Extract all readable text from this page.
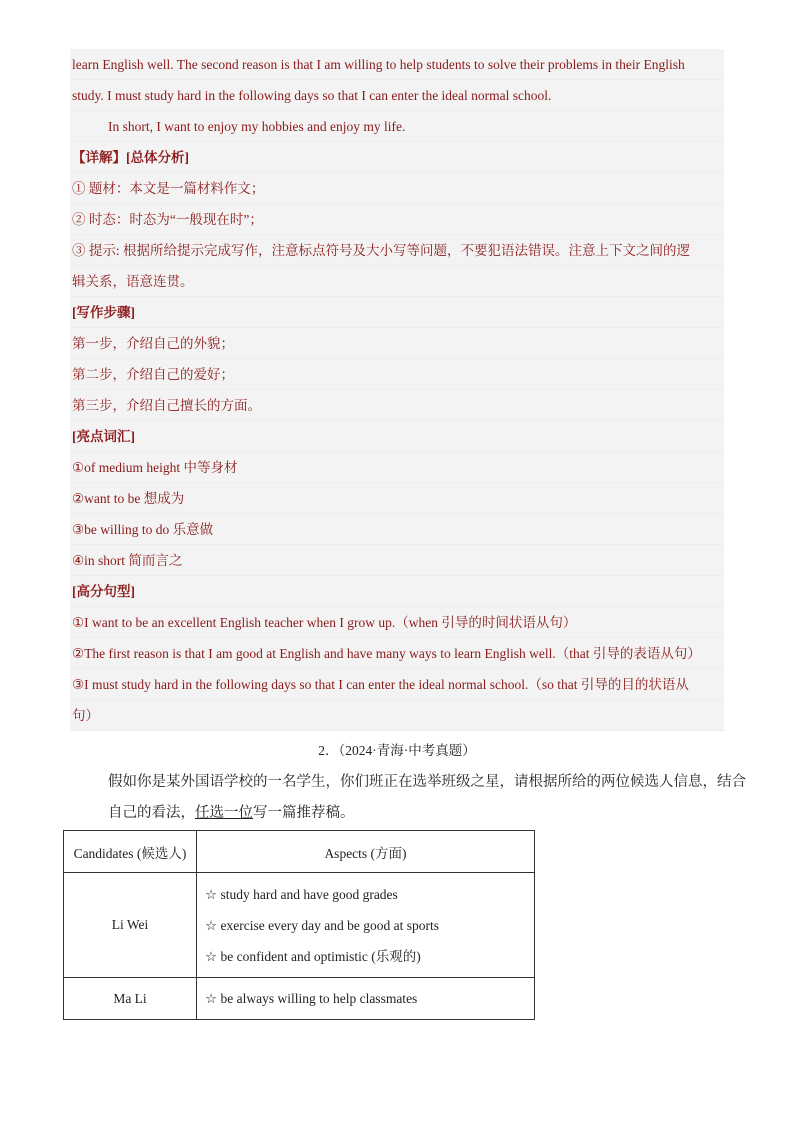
learn English well. The second reason is that I am willing to help students to solve their problems in their English
study. I must study hard in the following days so that I can enter the ideal normal school.
In short, I want to enjoy my hobbies and enjoy my life.
【详解】[总体分析]
① 题材：本文是一篇材料作文；
② 时态：时态为“一般现在时”；
③ 提示: 根据所给提示完成写作，注意标点符号及大小写等问题，不要犯语法错误。注意上下文之间的逻
辑关系，语意连贯。
[写作步骤]
第一步，介绍自己的外貌；
第二步，介绍自己的爱好；
第三步，介绍自己擅长的方面。
[亮点词汇]
①of medium height 中等身材
②want to be 想成为
③be willing to do 乐意做
④in short 简而言之
[高分句型]
①I want to be an excellent English teacher when I grow up.（when 引导的时间状语从句）
②The first reason is that I am good at English and have many ways to learn English well.（that 引导的表语从句）
③I must study hard in the following days so that I can enter the ideal normal school.（so that 引导的目的状语从
句）
2．（2024·青海·中考真题）
假如你是某外国语学校的一名学生，你们班正在选举班级之星，请根据所给的两位候选人信息，结合
自己的看法，任选一位写一篇推荐稿。
Candidates (候选人)	Aspects (方面)
Li Wei	☆ study hard and have good grades
☆ exercise every day and be good at sports
☆ be confident and optimistic (乐观的)

Ma Li	☆ be always willing to help classmates
